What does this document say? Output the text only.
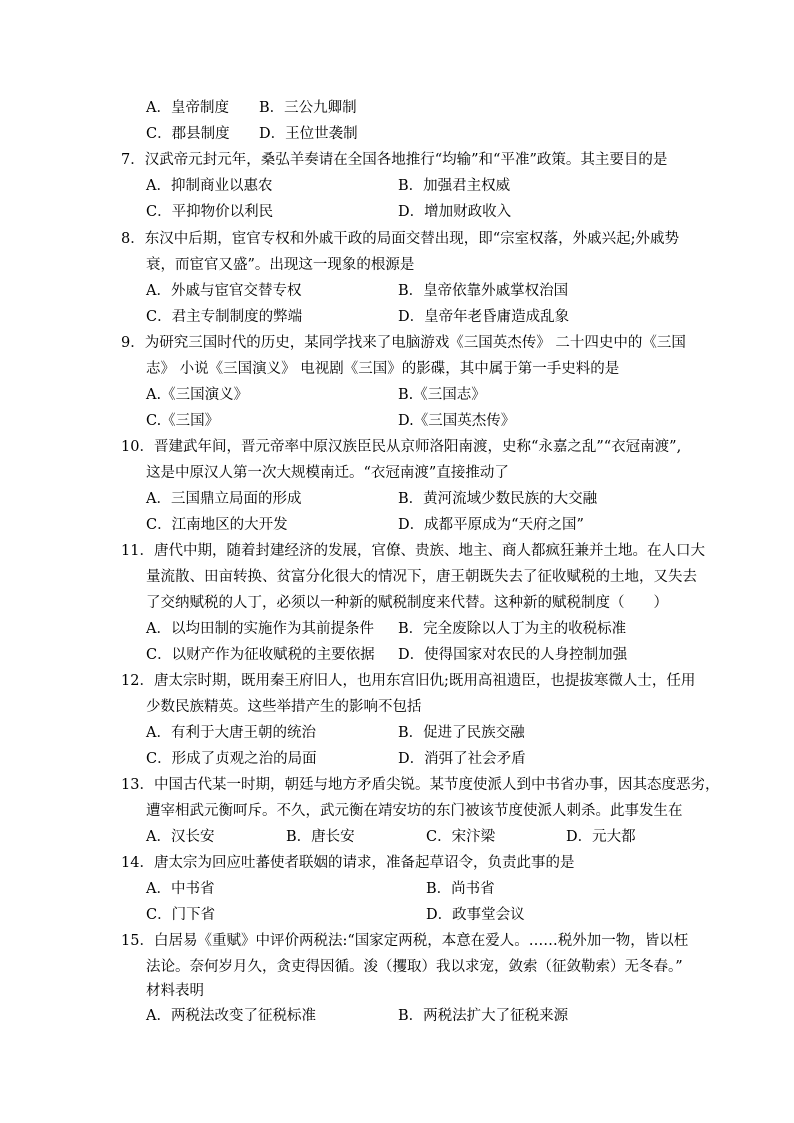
A．皇帝制度 B．三公九卿制
C．郡县制度 D．王位世袭制
7．汉武帝元封元年，桑弘羊奏请在全国各地推行“均输”和“平准”政策。其主要目的是
A．抑制商业以惠农	B．加强君主权威
C．平抑物价以利民	D．增加财政收入
8．东汉中后期，宦官专权和外戚干政的局面交替出现，即“宗室权落，外戚兴起;外戚势
衰，而宦官又盛”。出现这一现象的根源是
A．外戚与宦官交替专权	B．皇帝依靠外戚掌权治国
C．君主专制制度的弊端	D．皇帝年老昏庸造成乱象
9．为研究三国时代的历史，某同学找来了电脑游戏《三国英杰传》 二十四史中的《三国
志》 小说《三国演义》 电视剧《三国》的影碟，其中属于第一手史料的是
A.《三国演义》	B.《三国志》
C.《三国》	D.《三国英杰传》
10．晋建武年间，晋元帝率中原汉族臣民从京师洛阳南渡，史称“永嘉之乱”“衣冠南渡”,
这是中原汉人第一次大规模南迁。“衣冠南渡”直接推动了
A．三国鼎立局面的形成	B．黄河流域少数民族的大交融
C．江南地区的大开发	D．成都平原成为“天府之国”
11．唐代中期，随着封建经济的发展，官僚、贵族、地主、商人都疯狂兼并土地。在人口大
量流散、田亩转换、贫富分化很大的情况下，唐王朝既失去了征收赋税的土地，又失去
了交纳赋税的人丁，必须以一种新的赋税制度来代替。这种新的赋税制度（　　）
A．以均田制的实施作为其前提条件 B．完全废除以人丁为主的收税标准
C．以财产作为征收赋税的主要依据 D．使得国家对农民的人身控制加强
12．唐太宗时期，既用秦王府旧人，也用东宫旧仇;既用高祖遗臣，也提拔寒微人士，任用
少数民族精英。这些举措产生的影响不包括
A．有利于大唐王朝的统治	B．促进了民族交融
C．形成了贞观之治的局面	D．消弭了社会矛盾
13．中国古代某一时期，朝廷与地方矛盾尖锐。某节度使派人到中书省办事，因其态度恶劣，
遭宰相武元衡呵斥。不久，武元衡在靖安坊的东门被该节度使派人刺杀。此事发生在
A．汉长安	B．唐长安	C．宋汴梁	D．元大都
14．唐太宗为回应吐蕃使者联姻的请求，准备起草诏令，负责此事的是
A．中书省	B．尚书省
C．门下省	D．政事堂会议
15．白居易《重赋》中评价两税法:“国家定两税，本意在爱人。……税外加一物，皆以枉
法论。奈何岁月久，贪吏得因循。浚（攫取）我以求宠，敛索（征敛勒索）无冬春。”
材料表明
A．两税法改变了征税标准	B．两税法扩大了征税来源
